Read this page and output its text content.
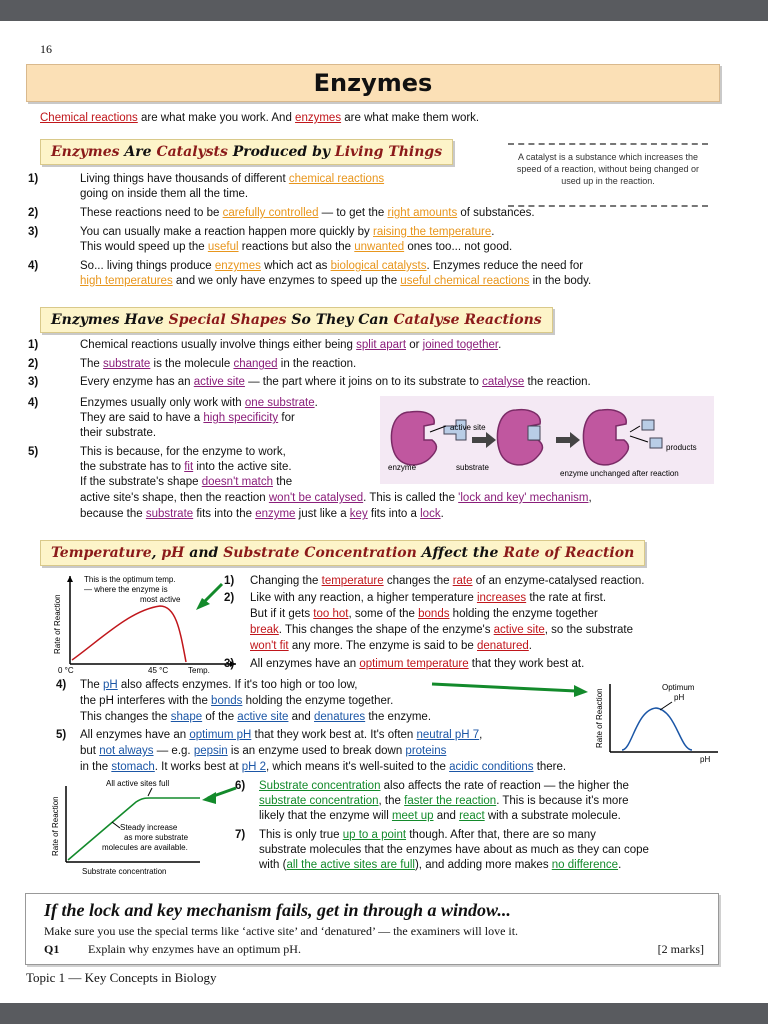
16
Enzymes
Chemical reactions are what make you work. And enzymes are what make them work.
Enzymes Are Catalysts Produced by Living Things	A catalyst is a substance which increases the speed of a reaction, without being changed or used up in the reaction.
1)	Living things have thousands of different chemical reactions
going on inside them all the time.
2)	These reactions need to be carefully controlled — to get the right amounts of substances.
3)	You can usually make a reaction happen more quickly by raising the temperature.
This would speed up the useful reactions but also the unwanted ones too... not good.
4)	So... living things produce enzymes which act as biological catalysts. Enzymes reduce the need for
high temperatures and we only have enzymes to speed up the useful chemical reactions in the body.
Enzymes Have Special Shapes So They Can Catalyse Reactions
1)	Chemical reactions usually involve things either being split apart or joined together.
2)	The substrate is the molecule changed in the reaction.
3)	Every enzyme has an active site — the part where it joins on to its substrate to catalyse the reaction.
4)	Enzymes usually only work with one substrate.
They are said to have a high specificity for
their substrate.
5)	This is because, for the enzyme to work,
the substrate has to fit into the active site.
If the substrate's shape doesn't match the
active site's shape, then the reaction won't be catalysed. This is called the 'lock and key' mechanism,
because the substrate fits into the enzyme just like a key fits into a lock.
active site
products
enzyme	substrate
enzyme unchanged after reaction
Temperature, pH and Substrate Concentration Affect the Rate of Reaction
This is the optimum temp.
— where the enzyme is
most active
Rate of Reaction
0 °C	45 °C Temp.
1) Changing the temperature changes the rate of an enzyme-catalysed reaction.
2) Like with any reaction, a higher temperature increases the rate at first.
But if it gets too hot, some of the bonds holding the enzyme together
break. This changes the shape of the enzyme's active site, so the substrate
won't fit any more. The enzyme is said to be denatured.
3) All enzymes have an optimum temperature that they work best at.
4) The pH also affects enzymes. If it's too high or too low,
the pH interferes with the bonds holding the enzyme together.
This changes the shape of the active site and denatures the enzyme.
5) All enzymes have an optimum pH that they work best at. It's often neutral pH 7,
but not always — e.g. pepsin is an enzyme used to break down proteins
in the stomach. It works best at pH 2, which means it's well-suited to the acidic conditions there.
Optimum
pH
Rate of Reaction
pH
All active sites full
Steady increase
as more substrate
molecules are available.
Rate of Reaction
Substrate concentration
6) Substrate concentration also affects the rate of reaction — the higher the
substrate concentration, the faster the reaction. This is because it's more
likely that the enzyme will meet up and react with a substrate molecule.
7) This is only true up to a point though. After that, there are so many
substrate molecules that the enzymes have about as much as they can cope
with (all the active sites are full), and adding more makes no difference.
If the lock and key mechanism fails, get in through a window...
Make sure you use the special terms like ‘active site’ and ‘denatured’ — the examiners will love it.
Q1 Explain why enzymes have an optimum pH.	[2 marks]
Topic 1 — Key Concepts in Biology
